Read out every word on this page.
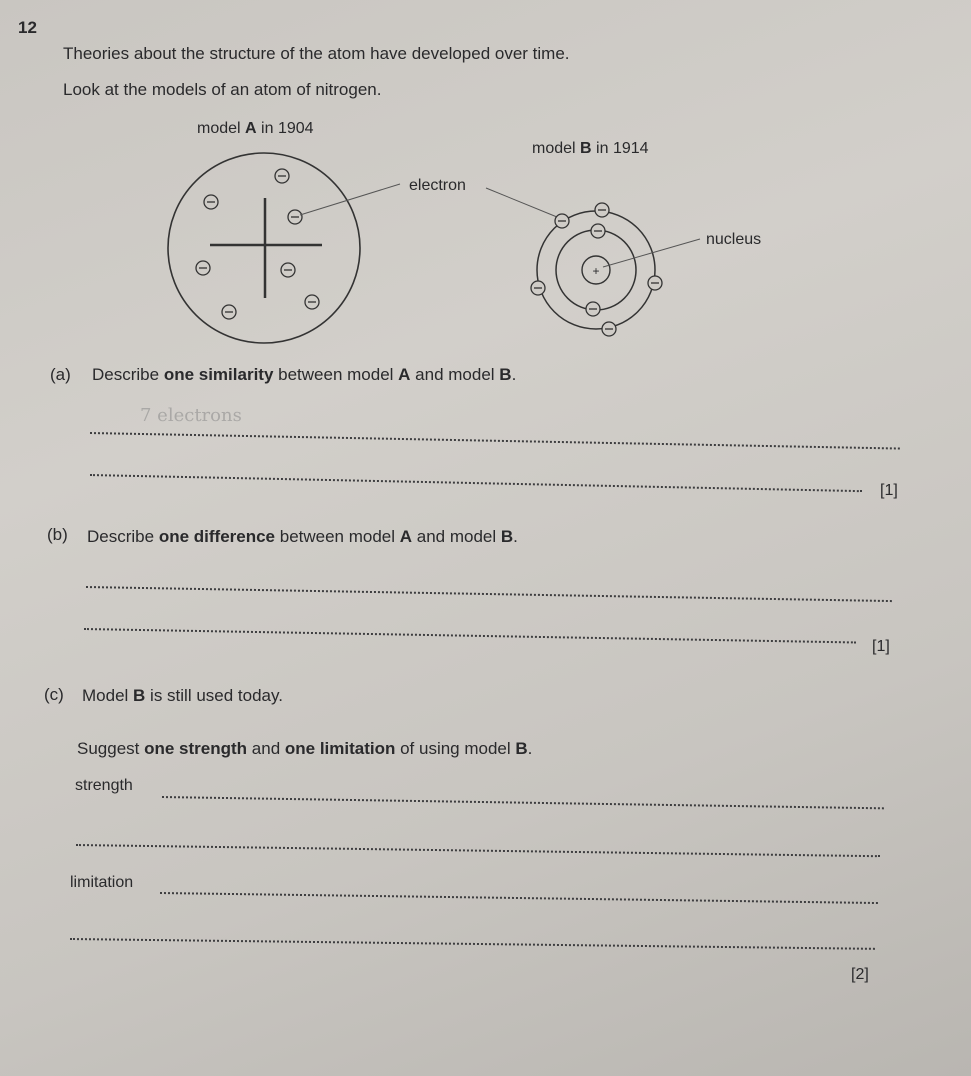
12
Theories about the structure of the atom have developed over time.
Look at the models of an atom of nitrogen.
model A in 1904
model B in 1914
electron
+
nucleus
(a) Describe one similarity between model A and model B.
7 electrons
[1]
(b) Describe one difference between model A and model B.
[1]
(c) Model B is still used today.
Suggest one strength and one limitation of using model B.
strength
limitation
[2]
